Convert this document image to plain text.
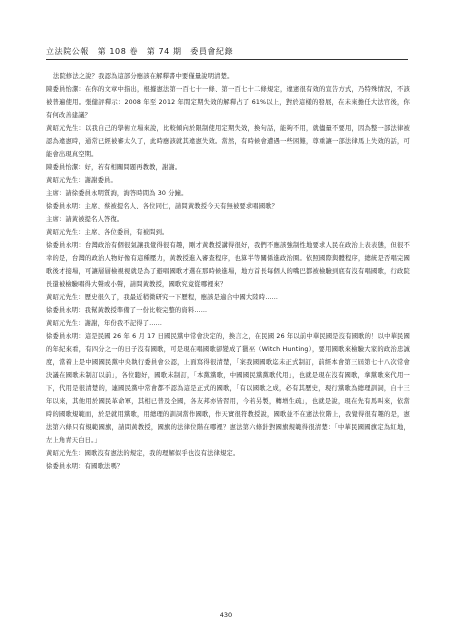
立法院公報　第 108 卷　第 74 期　委員會紀錄

法院修法之說？我認為這部分應該在解釋書中要僅量說明清楚。

陳委員怡潔：在你的文章中指出，根據憲法第一百七十一條、第一百七十二條規定，違憲很有效的宣告方式，乃特殊情況，不該被普遍使用。張健評釋示：2008 年至 2012 年間定期失效的解釋占了 61%以上，對於這樣的發展，在未來擔任大法官後，你有何改善建議？

黃昭元先生：以我自己的學術立場來說，比較傾向於限制使用定期失效，換句話，能夠不用，就儘量不要用，因為整一部法律被認為違憲時，通常已經被審太久了，此時應該就其違憲失效。當然，有時候會遭遇一些困難，尊重讓一部法律馬上失效的話，可能會出現真空期。

陳委員怡潔：好，若有相關問題再教教，謝謝。

黃昭元先生：謝謝委員。

主席：請徐委員永明質詢，詢答時間為 30 分鐘。

徐委員永明：主席、蔡被提名人、各位同仁，請問黃教授今天有無被要求唱國歌？

主席：請黃被提名人答復。

黃昭元先生：主席、各位委員，有被問到。

徐委員永明：台灣政治有個很氣讓我覺得很有趣，剛才黃教授講得很好，我們不應該強制性地要求人民在政治上表表態，但很不幸的是，台灣的政治人物好像有這種壓力，黃教授進入審查程序，也算半等關係進政治圈。依照國際與體程序，總統是否唱完國歌後才接場，可讓層層檢視視就是為了避唱國歌才選在那時候進場，地方首長每個人的嘴巴都被檢驗到底有沒有唱國歌，行政院長還被檢驗唱得大聲或小聲，請問黃教授，國歌究竟從哪裡來？

黃昭元先生：歷史很久了，我最近稍微研究一下歷程，應該是適合中國大陸時……

徐委員永明：我幫黃教授準備了一份比較完整的資料……

黃昭元先生：謝謝，年份我不記得了……

徐委員永明：這是民國 26 年 6 月 17 日國民黨中常會決定的，換言之，在民國 26 年以前中華民國是沒有國歌的！以中華民國的年紀來看，有四分之一的日子沒有國歌，可是現在唱國歌卻變成了獵巫（Witch Hunting），要用國歌來檢驗大家的政治忠誠度，當着上是中國國民黨中央執行委員會公認，上面寫得很清楚，「案我國國歌迄未正式制訂，前經本會第三屆第七十八次常會決議在國歌未制訂以前」，各位聽好，國歌未制訂，「本黨黨歌，中國國民黨黨歌代用」，也就是現在沒有國歌，拿黨歌來代用一下，代用是很清楚的，連國民黨中常會都不認為這是正式的國歌，「有以國歌之成，必有其歷史，現行黨歌為總理訓詞，自十三年以來，其他用於國民革命軍，其相已普及全國，各友邦亦皆習用，今若另製，轉增生疏」，也就是說，現在先有馬叫來，依當時的國歌規範而，於是就用黨歌，用總理的訓詞當作國歌，作天實很符教授說，國歌並不在憲法位階上，我覺得很有趣的是，憲法第六條只有規範國旗，請問黃教授，國旗的法律位階在哪裡？憲法第六條針對國旗規範得很清楚：「中華民國國旗定為紅地，左上角青天白日。」

黃昭元先生：國歌沒有憲法的規定，我的理解似乎也沒有法律規定。

徐委員永明：有國歌法嗎？

430
